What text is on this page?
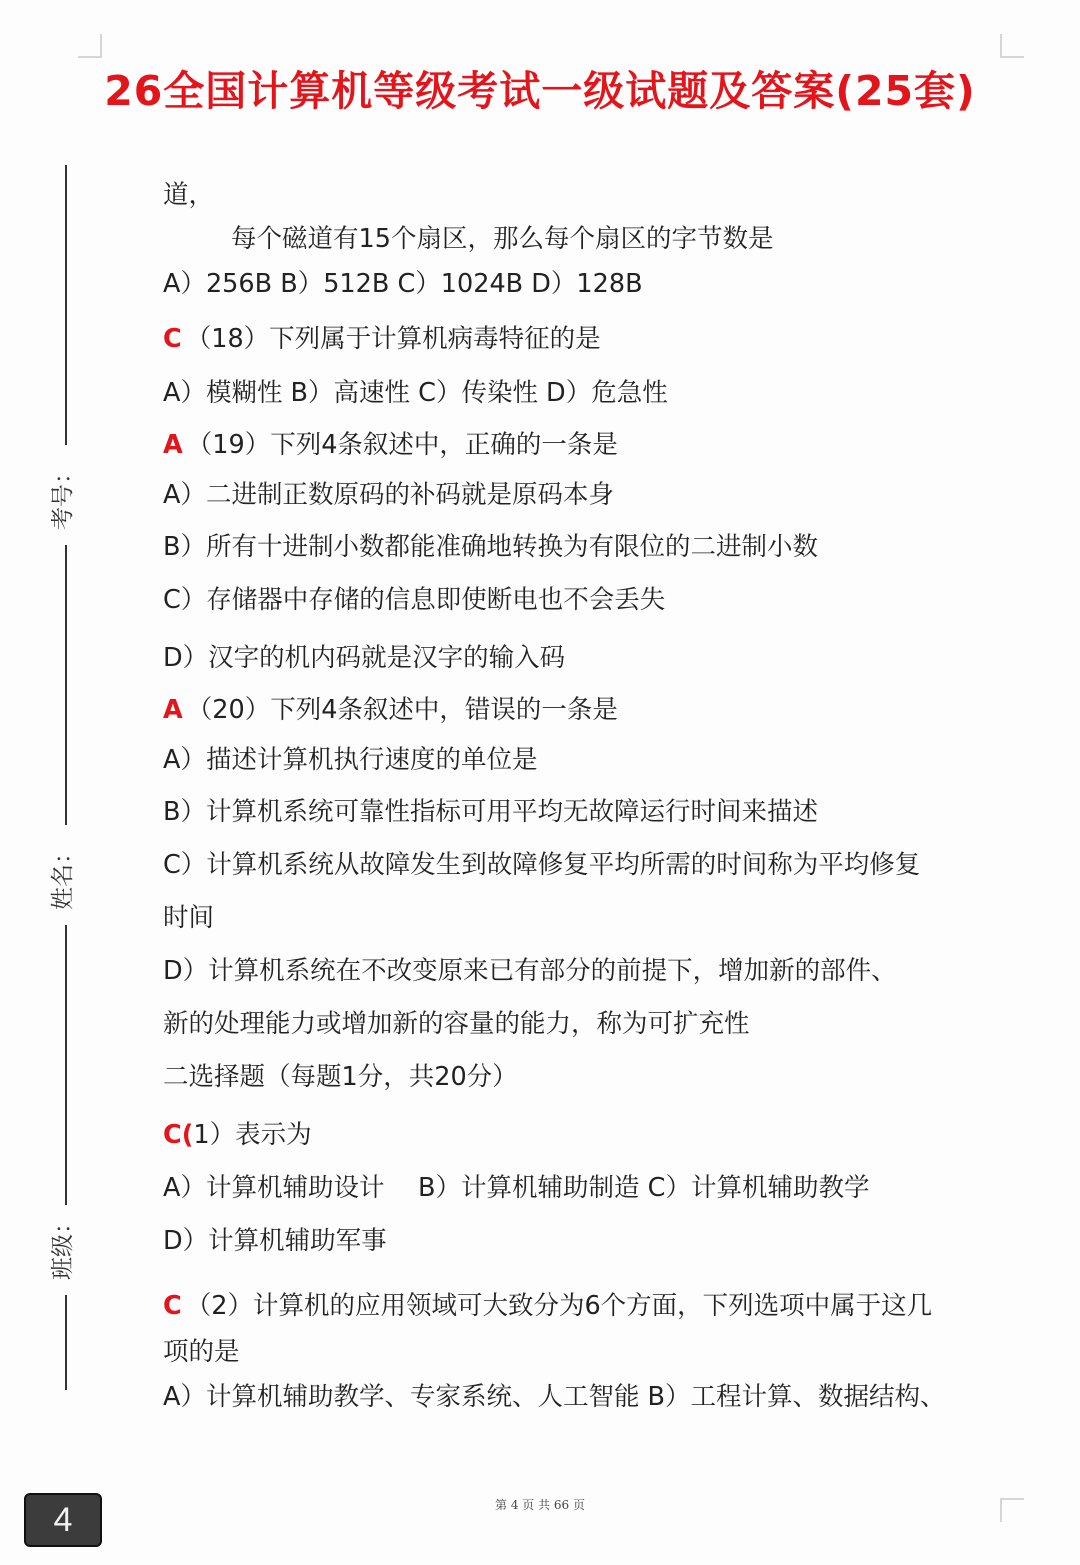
26全国计算机等级考试一级试题及答案(25套)
考号：
姓名：
班级：
道，
每个磁道有15个扇区，那么每个扇区的字节数是
A）256B B）512B C）1024B D）128B
C （18）下列属于计算机病毒特征的是
A）模糊性 B）高速性 C）传染性 D）危急性
A （19）下列4条叙述中，正确的一条是
A）二进制正数原码的补码就是原码本身
B）所有十进制小数都能准确地转换为有限位的二进制小数
C）存储器中存储的信息即使断电也不会丢失
D）汉字的机内码就是汉字的输入码
A （20）下列4条叙述中，错误的一条是
A）描述计算机执行速度的单位是
B）计算机系统可靠性指标可用平均无故障运行时间来描述
C）计算机系统从故障发生到故障修复平均所需的时间称为平均修复
时间
D）计算机系统在不改变原来已有部分的前提下，增加新的部件、
新的处理能力或增加新的容量的能力，称为可扩充性
二选择题（每题1分，共20分）
C(1）表示为
A）计算机辅助设计　 B）计算机辅助制造 C）计算机辅助教学
D）计算机辅助军事
C （2）计算机的应用领域可大致分为6个方面，下列选项中属于这几
项的是
A）计算机辅助教学、专家系统、人工智能 B）工程计算、数据结构、
4	第 4 页 共 66 页
